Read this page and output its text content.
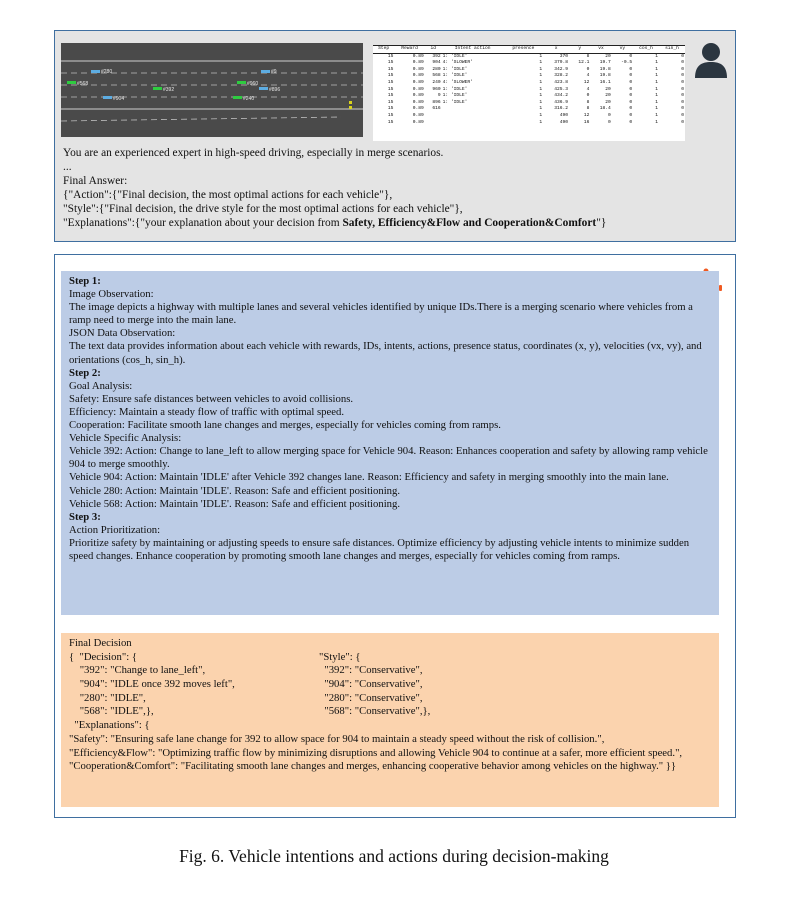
#280
#568
#392
#904
#9
#960
#896
#240
Step	Reward	id	Intent action	presence	x	y	vx	vy	cos_h	sin_h
15	0.89	392	1: 'IDLE'	1	370	8	20	0	1	0
15	0.89	904	4: 'SLOWER'	1	379.8	12.1	19.7	-0.5	1	0
15	0.89	280	1: 'IDLE'	1	342.9	0	19.8	0	1	0
15	0.89	568	1: 'IDLE'	1	328.2	4	19.8	0	1	0
15	0.89	240	4: 'SLOWER'	1	423.8	12	16.1	0	1	0
15	0.89	960	1: 'IDLE'	1	425.3	4	20	0	1	0
15	0.89	9	1: 'IDLE'	1	434.2	0	20	0	1	0
15	0.89	896	1: 'IDLE'	1	436.9	8	20	0	1	0
15	0.89	616		1	316.2	8	18.4	0	1	0
15	0.89			1	490	12	0	0	1	0
15	0.89			1	490	16	0	0	1	0

You are an experienced expert in high-speed driving, especially in merge scenarios.

...

Final Answer:

{"Action":{"Final decision, the most optimal actions for each vehicle"},

"Style":{"Final decision, the drive style for the most optimal actions for each vehicle"},

"Explanations":{"your explanation about your decision from Safety, Efficiency&Flow and Cooperation&Comfort"}

Step 1:

Image Observation:

The image depicts a highway with multiple lanes and several vehicles identified by unique IDs.There is a merging scenario where vehicles from a ramp need to merge into the main lane.

JSON Data Observation:

The text data provides information about each vehicle with rewards, IDs, intents, actions, presence status, coordinates (x, y), velocities (vx, vy), and orientations (cos_h, sin_h).

Step 2:

Goal Analysis:

Safety: Ensure safe distances between vehicles to avoid collisions.

Efficiency: Maintain a steady flow of traffic with optimal speed.

Cooperation: Facilitate smooth lane changes and merges, especially for vehicles coming from ramps.

Vehicle Specific Analysis:

Vehicle 392: Action: Change to lane_left to allow merging space for Vehicle 904. Reason: Enhances cooperation and safety by allowing ramp vehicle 904 to merge smoothly.

Vehicle 904: Action: Maintain 'IDLE' after Vehicle 392 changes lane. Reason: Efficiency and safety in merging smoothly into the main lane.

Vehicle 280: Action: Maintain 'IDLE'. Reason: Safe and efficient positioning.

Vehicle 568: Action: Maintain 'IDLE'. Reason: Safe and efficient positioning.

Step 3:

Action Prioritization:

Prioritize safety by maintaining or adjusting speeds to ensure safe distances. Optimize efficiency by adjusting vehicle intents to minimize sudden speed changes. Enhance cooperation by promoting smooth lane changes and merges, especially for vehicles coming from ramps.

Final Decision
{  "Decision": {	"Style": {
"392": "Change to lane_left",	"392": "Conservative",
"904": "IDLE once 392 moves left",	"904": "Conservative",
"280": "IDLE",	"280": "Conservative",
"568": "IDLE",},	"568": "Conservative",},
"Explanations": {
"Safety": "Ensuring safe lane change for 392 to allow space for 904 to maintain a steady speed without the risk of collision.",
"Efficiency&Flow": "Optimizing traffic flow by minimizing disruptions and allowing Vehicle 904 to continue at a safer, more efficient speed.",
"Cooperation&Comfort": "Facilitating smooth lane changes and merges, enhancing cooperative behavior among vehicles on the highway." }}
Fig. 6. Vehicle intentions and actions during decision-making
